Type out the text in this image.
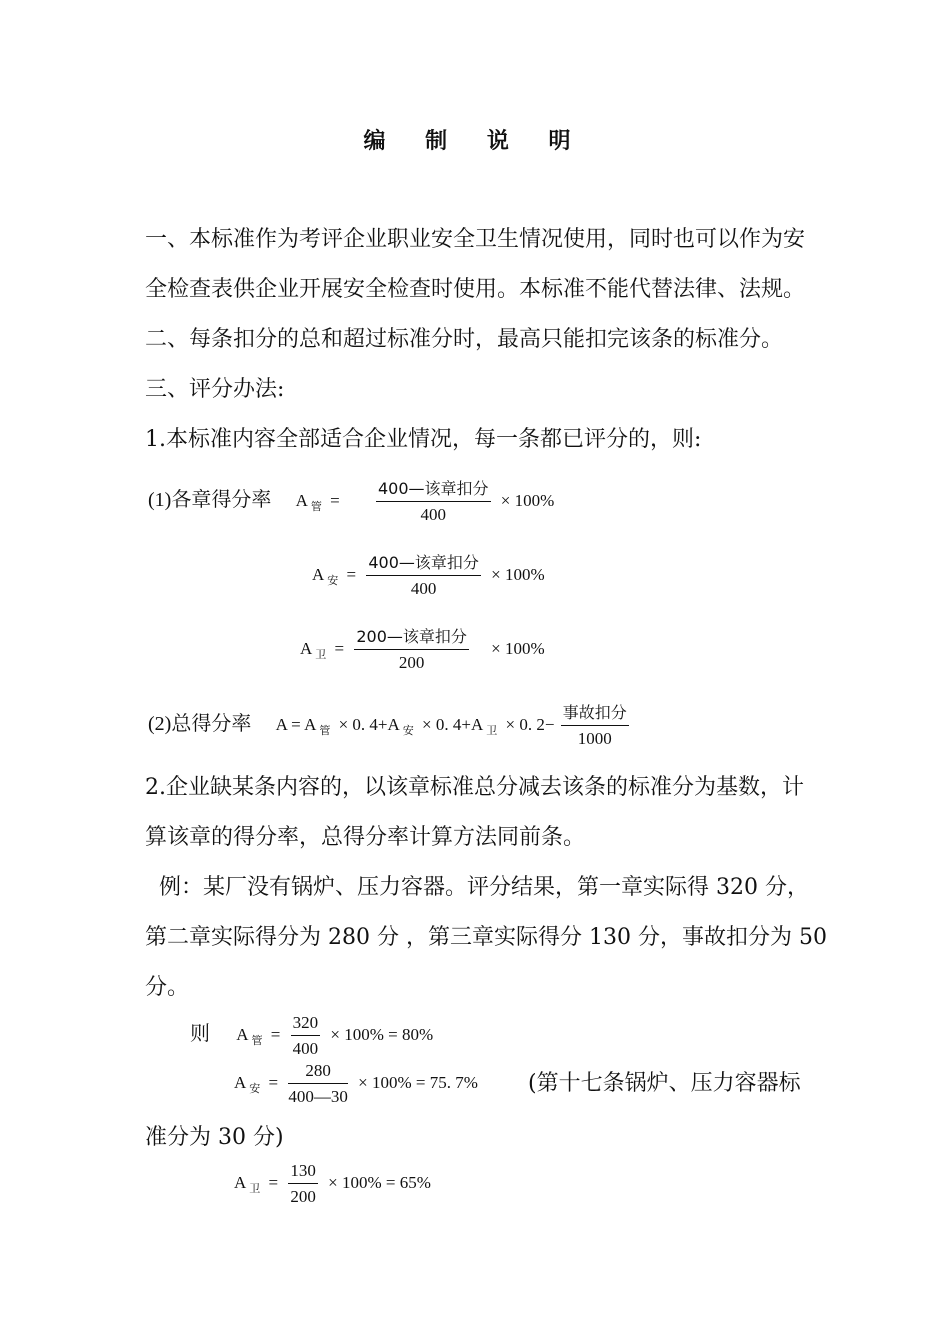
编 制 说 明
一、本标准作为考评企业职业安全卫生情况使用，同时也可以作为安
全检查表供企业开展安全检查时使用。本标准不能代替法律、法规。
二、每条扣分的总和超过标准分时，最高只能扣完该条的标准分。
三、评分办法:
1.本标准内容全部适合企业情况，每一条都已评分的，则:
(1)各章得分率 A $_管 = \frac{\text{400—该章扣分}}{400} \times 100\%$
A $_安 = \frac{\text{400—该章扣分}}{400} \times 100\%$
A $_卫 = \frac{\text{200—该章扣分}}{200} \times 100\%$
(2)总得分率 A = A $_管$ × 0. 4+A $_安$ × 0. 4+A $_卫$ × 0. $2- \frac{\text{事故扣分}}{1000}$
2.企业缺某条内容的，以该章标准总分减去该条的标准分为基数，计
算该章的得分率，总得分率计算方法同前条。
例：某厂没有锅炉、压力容器。评分结果，第一章实际得 320 分，
第二章实际得分为 280 分 ，第三章实际得分 130 分，事故扣分为 50
分。
则 A $_管 = \frac{320}{400} \times 100\% = 80\%$
A $_安 = \frac{280}{400—30} \times 100\% = 75$. 7% (第十七条锅炉、压力容器标
准分为 30 分)
A $_卫 = \frac{130}{200} \times 100\% = 65\%$
